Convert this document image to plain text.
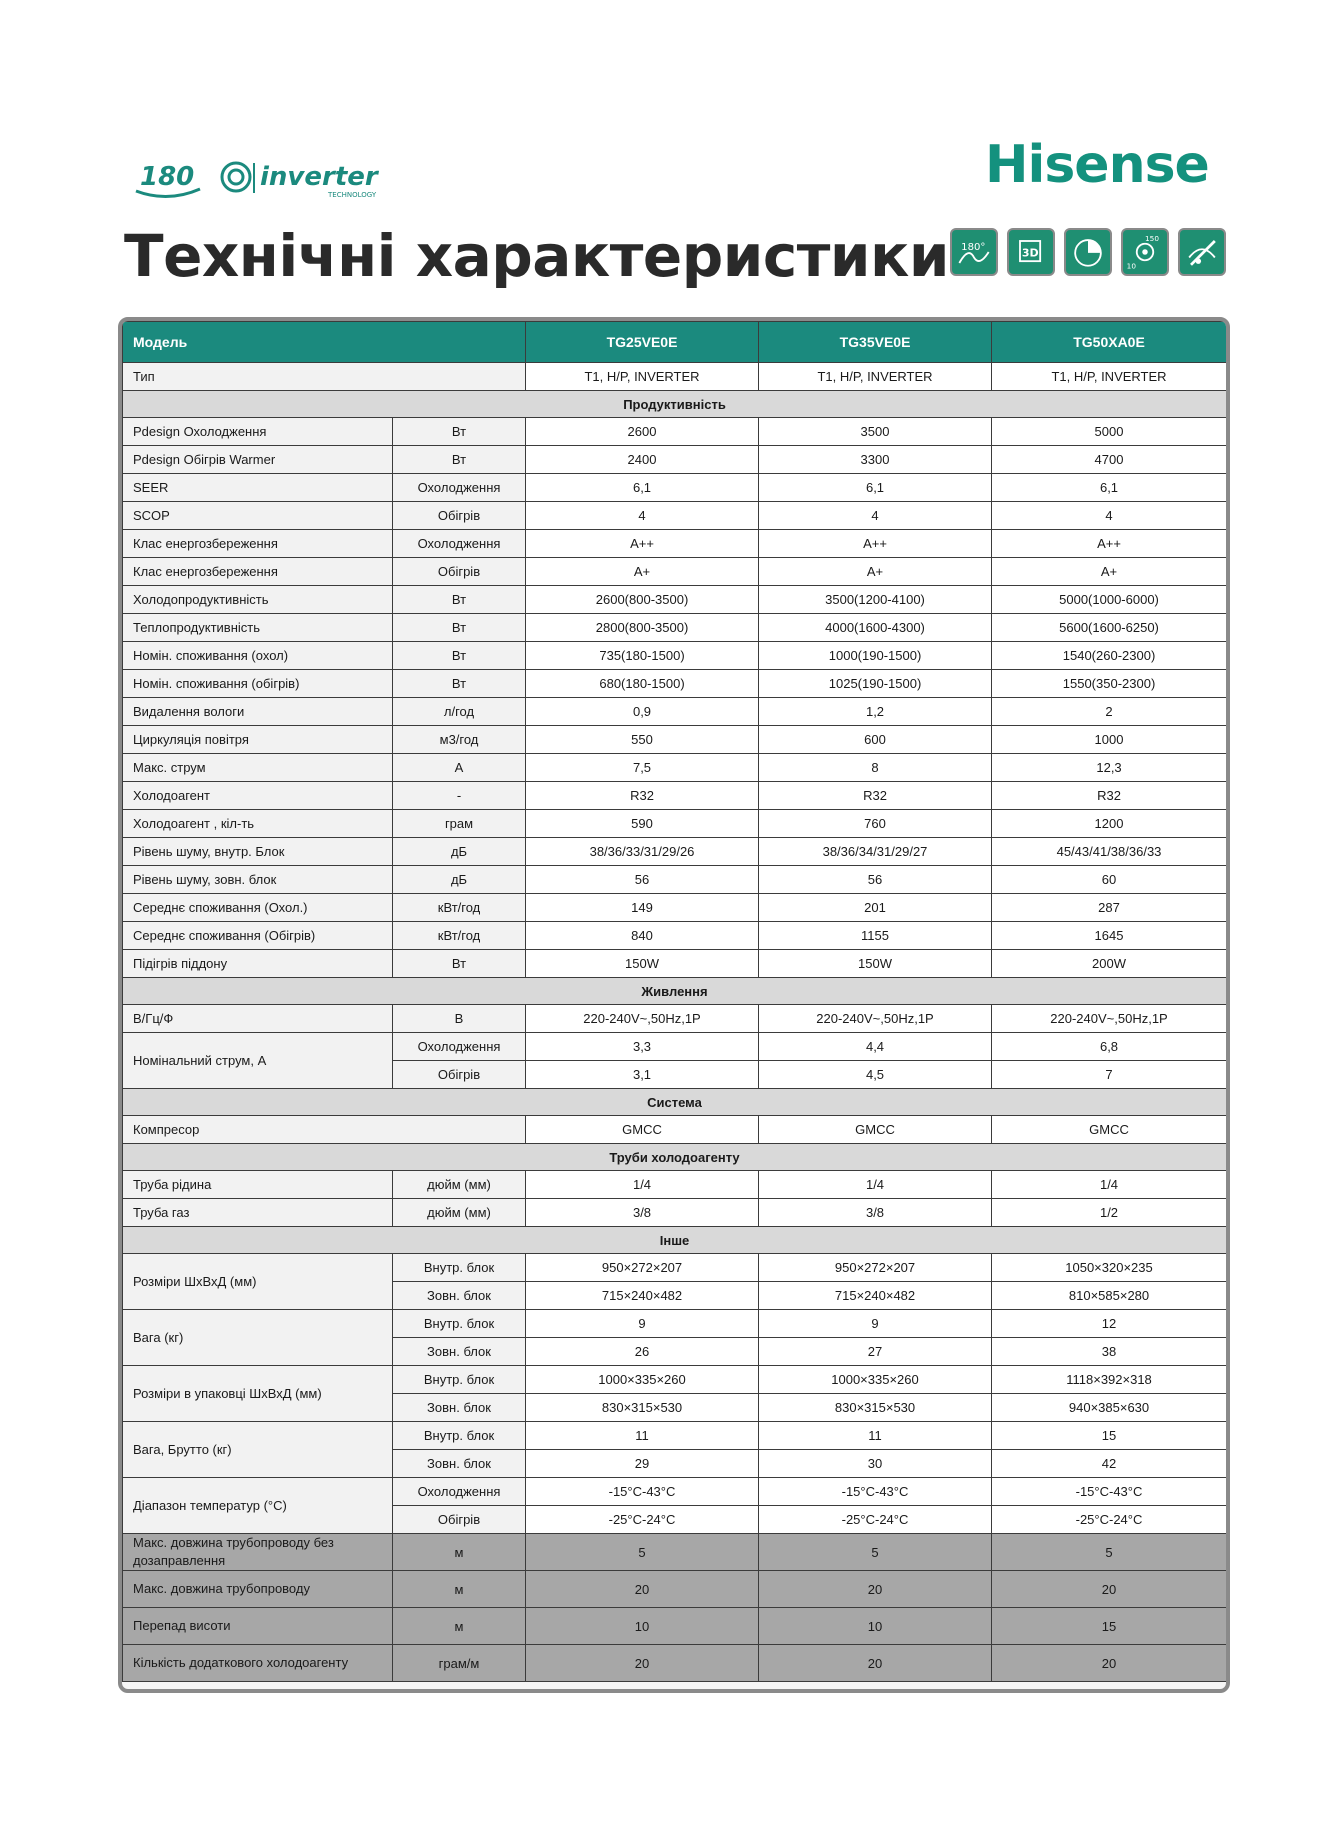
180	inverter
TECHNOLOGY	Hisense
Технічні характеристики 180°	3D
150
10
Модель		TG25VE0E	TG35VE0E	TG50XA0E
Тип		T1, H/P, INVERTER	T1, H/P, INVERTER	T1, H/P, INVERTER
Продуктивність				
Pdesign Охолодження	Вт	2600	3500	5000
Pdesign Обігрів Warmer	Вт	2400	3300	4700
SEER	Охолодження	6,1	6,1	6,1
SCOP	Обігрів	4	4	4
Клас енергозбереження	Охолодження	A++	A++	A++
Клас енергозбереження	Обігрів	A+	A+	A+
Холодопродуктивність	Вт	2600(800-3500)	3500(1200-4100)	5000(1000-6000)
Теплопродуктивність	Вт	2800(800-3500)	4000(1600-4300)	5600(1600-6250)
Номін. споживання (охол)	Вт	735(180-1500)	1000(190-1500)	1540(260-2300)
Номін. споживання (обігрів)	Вт	680(180-1500)	1025(190-1500)	1550(350-2300)
Видалення вологи	л/год	0,9	1,2	2
Циркуляція повітря	м3/год	550	600	1000
Макс. струм	A	7,5	8	12,3
Холодоагент	-	R32	R32	R32
Холодоагент , кіл-ть	грам	590	760	1200
Рівень шуму, внутр. Блок	дБ	38/36/33/31/29/26	38/36/34/31/29/27	45/43/41/38/36/33
Рівень шуму, зовн. блок	дБ	56	56	60
Середнє споживання (Охол.)	кВт/год	149	201	287
Середнє споживання (Обігрів)	кВт/год	840	1155	1645
Підігрів піддону	Вт	150W	150W	200W
Живлення				
В/Гц/Ф	В	220-240V~,50Hz,1P	220-240V~,50Hz,1P	220-240V~,50Hz,1P
Номінальний струм, А	Охолодження	3,3	4,4	6,8
	Обігрів	3,1	4,5	7
Система				
Компресор		GMCC	GMCC	GMCC
Труби холодоагенту				
Труба рідина	дюйм (мм)	1/4	1/4	1/4
Труба газ	дюйм (мм)	3/8	3/8	1/2
Інше				
Розміри ШхВхД (мм)	Внутр. блок	950×272×207	950×272×207	1050×320×235
	Зовн. блок	715×240×482	715×240×482	810×585×280
Вага (кг)	Внутр. блок	9	9	12
	Зовн. блок	26	27	38
Розміри в упаковці ШхВхД (мм)	Внутр. блок	1000×335×260	1000×335×260	1118×392×318
	Зовн. блок	830×315×530	830×315×530	940×385×630
Вага, Брутто (кг)	Внутр. блок	11	11	15
	Зовн. блок	29	30	42
Діапазон температур (°C)	Охолодження	-15°C-43°C	-15°C-43°C	-15°C-43°C
	Обігрів	-25°C-24°C	-25°C-24°C	-25°C-24°C
Макс. довжина трубопроводу без дозаправлення	м	5	5	5
Макс. довжина трубопроводу	м	20	20	20
Перепад висоти	м	10	10	15
Кількість додаткового холодоагенту	грам/м	20	20	20
